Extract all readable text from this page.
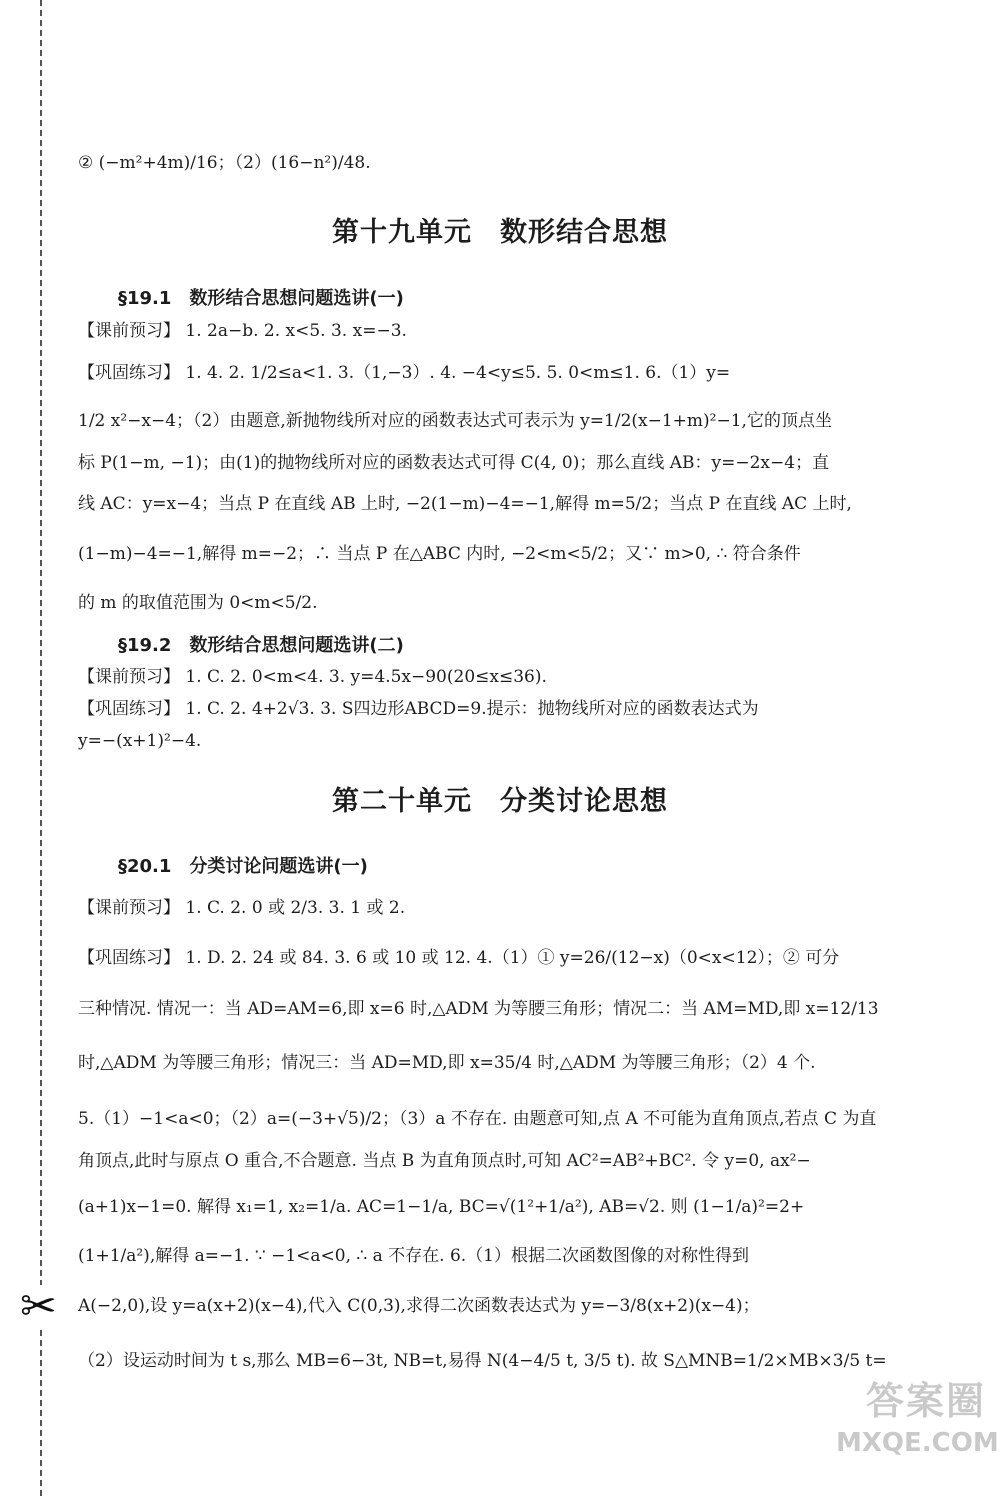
✂
② (−m²+4m)/16；（2）(16−n²)/48.
第十九单元　数形结合思想
§19.1　数形结合思想问题选讲(一)
【课前预习】 1. 2a−b. 2. x<5. 3. x=−3.
【巩固练习】 1. 4. 2. 1/2≤a<1. 3.（1,−3）. 4. −4<y≤5. 5. 0<m≤1. 6.（1）y=
1/2 x²−x−4；（2）由题意,新抛物线所对应的函数表达式可表示为 y=1/2(x−1+m)²−1,它的顶点坐
标 P(1−m, −1)；由(1)的抛物线所对应的函数表达式可得 C(4, 0)；那么直线 AB：y=−2x−4；直
线 AC：y=x−4；当点 P 在直线 AB 上时, −2(1−m)−4=−1,解得 m=5/2；当点 P 在直线 AC 上时,
(1−m)−4=−1,解得 m=−2；∴ 当点 P 在△ABC 内时, −2<m<5/2；又∵ m>0, ∴ 符合条件
的 m 的取值范围为 0<m<5/2.
§19.2　数形结合思想问题选讲(二)
【课前预习】 1. C. 2. 0<m<4. 3. y=4.5x−90(20≤x≤36).
【巩固练习】 1. C. 2. 4+2√3. 3. S四边形ABCD=9.提示：抛物线所对应的函数表达式为
y=−(x+1)²−4.
第二十单元　分类讨论思想
§20.1　分类讨论问题选讲(一)
【课前预习】 1. C. 2. 0 或 2/3. 3. 1 或 2.
【巩固练习】 1. D. 2. 24 或 84. 3. 6 或 10 或 12. 4.（1）① y=26/(12−x)（0<x<12）；② 可分
三种情况. 情况一：当 AD=AM=6,即 x=6 时,△ADM 为等腰三角形；情况二：当 AM=MD,即 x=12/13
时,△ADM 为等腰三角形；情况三：当 AD=MD,即 x=35/4 时,△ADM 为等腰三角形；（2）4 个.
5.（1）−1<a<0；（2）a=(−3+√5)/2；（3）a 不存在. 由题意可知,点 A 不可能为直角顶点,若点 C 为直
角顶点,此时与原点 O 重合,不合题意. 当点 B 为直角顶点时,可知 AC²=AB²+BC². 令 y=0, ax²−
(a+1)x−1=0. 解得 x₁=1, x₂=1/a. AC=1−1/a, BC=√(1²+1/a²), AB=√2. 则 (1−1/a)²=2+
(1+1/a²),解得 a=−1. ∵ −1<a<0, ∴ a 不存在. 6.（1）根据二次函数图像的对称性得到
A(−2,0),设 y=a(x+2)(x−4),代入 C(0,3),求得二次函数表达式为 y=−3/8(x+2)(x−4)；
（2）设运动时间为 t s,那么 MB=6−3t, NB=t,易得 N(4−4/5 t, 3/5 t). 故 S△MNB=1/2×MB×3/5 t=
答案圈
MXQE.COM
